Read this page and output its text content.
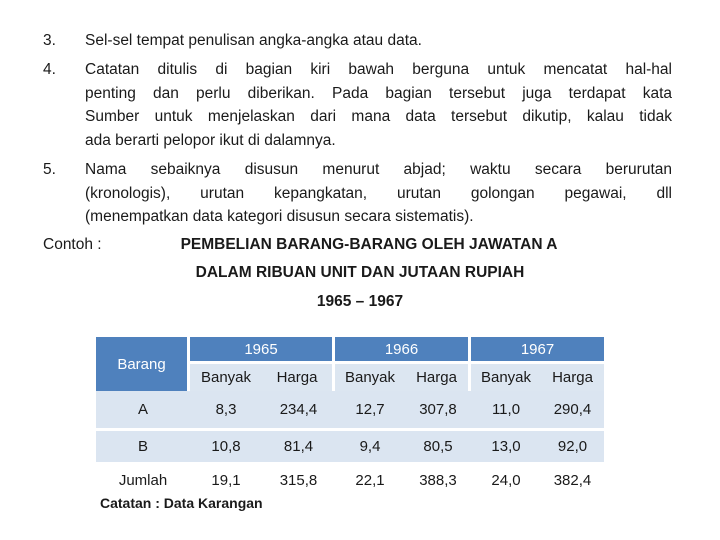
3. Sel-sel tempat penulisan angka-angka atau data.
4. Catatan ditulis di bagian kiri bawah berguna untuk mencatat hal-hal
penting dan perlu diberikan. Pada bagian tersebut juga terdapat kata
Sumber untuk menjelaskan dari mana data tersebut dikutip, kalau tidak
ada berarti pelopor ikut di dalamnya.
5. Nama sebaiknya disusun menurut abjad; waktu secara berurutan
(kronologis), urutan kepangkatan, urutan golongan pegawai, dll
(menempatkan data kategori disusun secara sistematis).
Contoh :	PEMBELIAN BARANG-BARANG OLEH JAWATAN A
DALAM RIBUAN UNIT DAN JUTAAN RUPIAH
1965 – 1967
Barang	1965		1966		1967	
	Banyak	Harga	Banyak	Harga	Banyak	Harga
A	8,3	234,4	12,7	307,8	11,0	290,4
B	10,8	81,4	9,4	80,5	13,0	92,0
Jumlah	19,1	315,8	22,1	388,3	24,0	382,4
Catatan : Data Karangan
